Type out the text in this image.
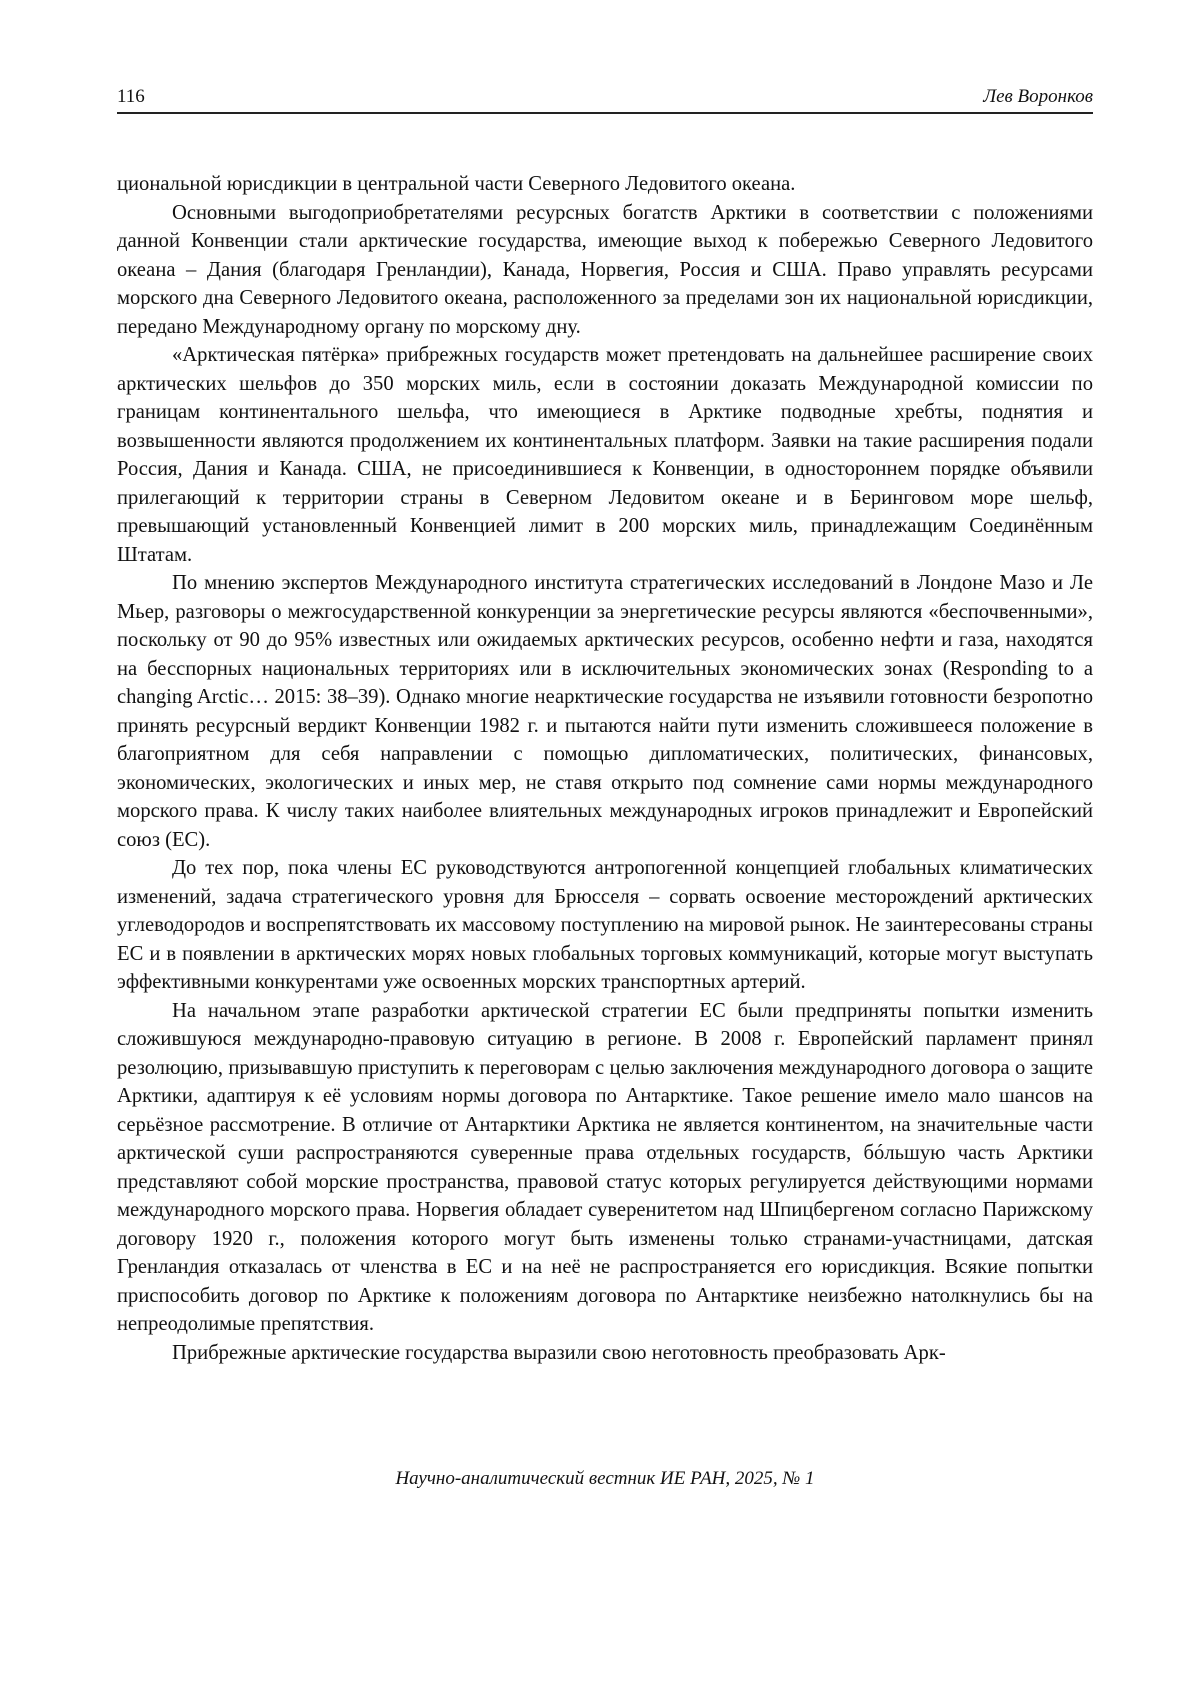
116	Лев Воронков

циональной юрисдикции в центральной части Северного Ледовитого океана.

Основными выгодоприобретателями ресурсных богатств Арктики в соответствии с положениями данной Конвенции стали арктические государства, имеющие выход к побережью Северного Ледовитого океана – Дания (благодаря Гренландии), Канада, Норвегия, Россия и США. Право управлять ресурсами морского дна Северного Ледовитого океана, расположенного за пределами зон их национальной юрисдикции, передано Международному органу по морскому дну.

«Арктическая пятёрка» прибрежных государств может претендовать на дальнейшее расширение своих арктических шельфов до 350 морских миль, если в состоянии доказать Международной комиссии по границам континентального шельфа, что имеющиеся в Арктике подводные хребты, поднятия и возвышенности являются продолжением их континентальных платформ. Заявки на такие расширения подали Россия, Дания и Канада. США, не присоединившиеся к Конвенции, в одностороннем порядке объявили прилегающий к территории страны в Северном Ледовитом океане и в Беринговом море шельф, превышающий установленный Конвенцией лимит в 200 морских миль, принадлежащим Соединённым Штатам.

По мнению экспертов Международного института стратегических исследований в Лондоне Мазо и Ле Мьер, разговоры о межгосударственной конкуренции за энергетические ресурсы являются «беспочвенными», поскольку от 90 до 95% известных или ожидаемых арктических ресурсов, особенно нефти и газа, находятся на бесспорных национальных территориях или в исключительных экономических зонах (Responding to a changing Arctic… 2015: 38–39). Однако многие неарктические государства не изъявили готовности безропотно принять ресурсный вердикт Конвенции 1982 г. и пытаются найти пути изменить сложившееся положение в благоприятном для себя направлении с помощью дипломатических, политических, финансовых, экономических, экологических и иных мер, не ставя открыто под сомнение сами нормы международного морского права. К числу таких наиболее влиятельных международных игроков принадлежит и Европейский союз (ЕС).

До тех пор, пока члены ЕС руководствуются антропогенной концепцией глобальных климатических изменений, задача стратегического уровня для Брюсселя – сорвать освоение месторождений арктических углеводородов и воспрепятствовать их массовому поступлению на мировой рынок. Не заинтересованы страны ЕС и в появлении в арктических морях новых глобальных торговых коммуникаций, которые могут выступать эффективными конкурентами уже освоенных морских транспортных артерий.

На начальном этапе разработки арктической стратегии ЕС были предприняты попытки изменить сложившуюся международно-правовую ситуацию в регионе. В 2008 г. Европейский парламент принял резолюцию, призывавшую приступить к переговорам с целью заключения международного договора о защите Арктики, адаптируя к её условиям нормы договора по Антарктике. Такое решение имело мало шансов на серьёзное рассмотрение. В отличие от Антарктики Арктика не является континентом, на значительные части арктической суши распространяются суверенные права отдельных государств, бóльшую часть Арктики представляют собой морские пространства, правовой статус которых регулируется действующими нормами международного морского права. Норвегия обладает суверенитетом над Шпицбергеном согласно Парижскому договору 1920 г., положения которого могут быть изменены только странами-участницами, датская Гренландия отказалась от членства в ЕС и на неё не распространяется его юрисдикция. Всякие попытки приспособить договор по Арктике к положениям договора по Антарктике неизбежно натолкнулись бы на непреодолимые препятствия.

Прибрежные арктические государства выразили свою неготовность преобразовать Арк-

Научно-аналитический вестник ИЕ РАН, 2025, № 1
